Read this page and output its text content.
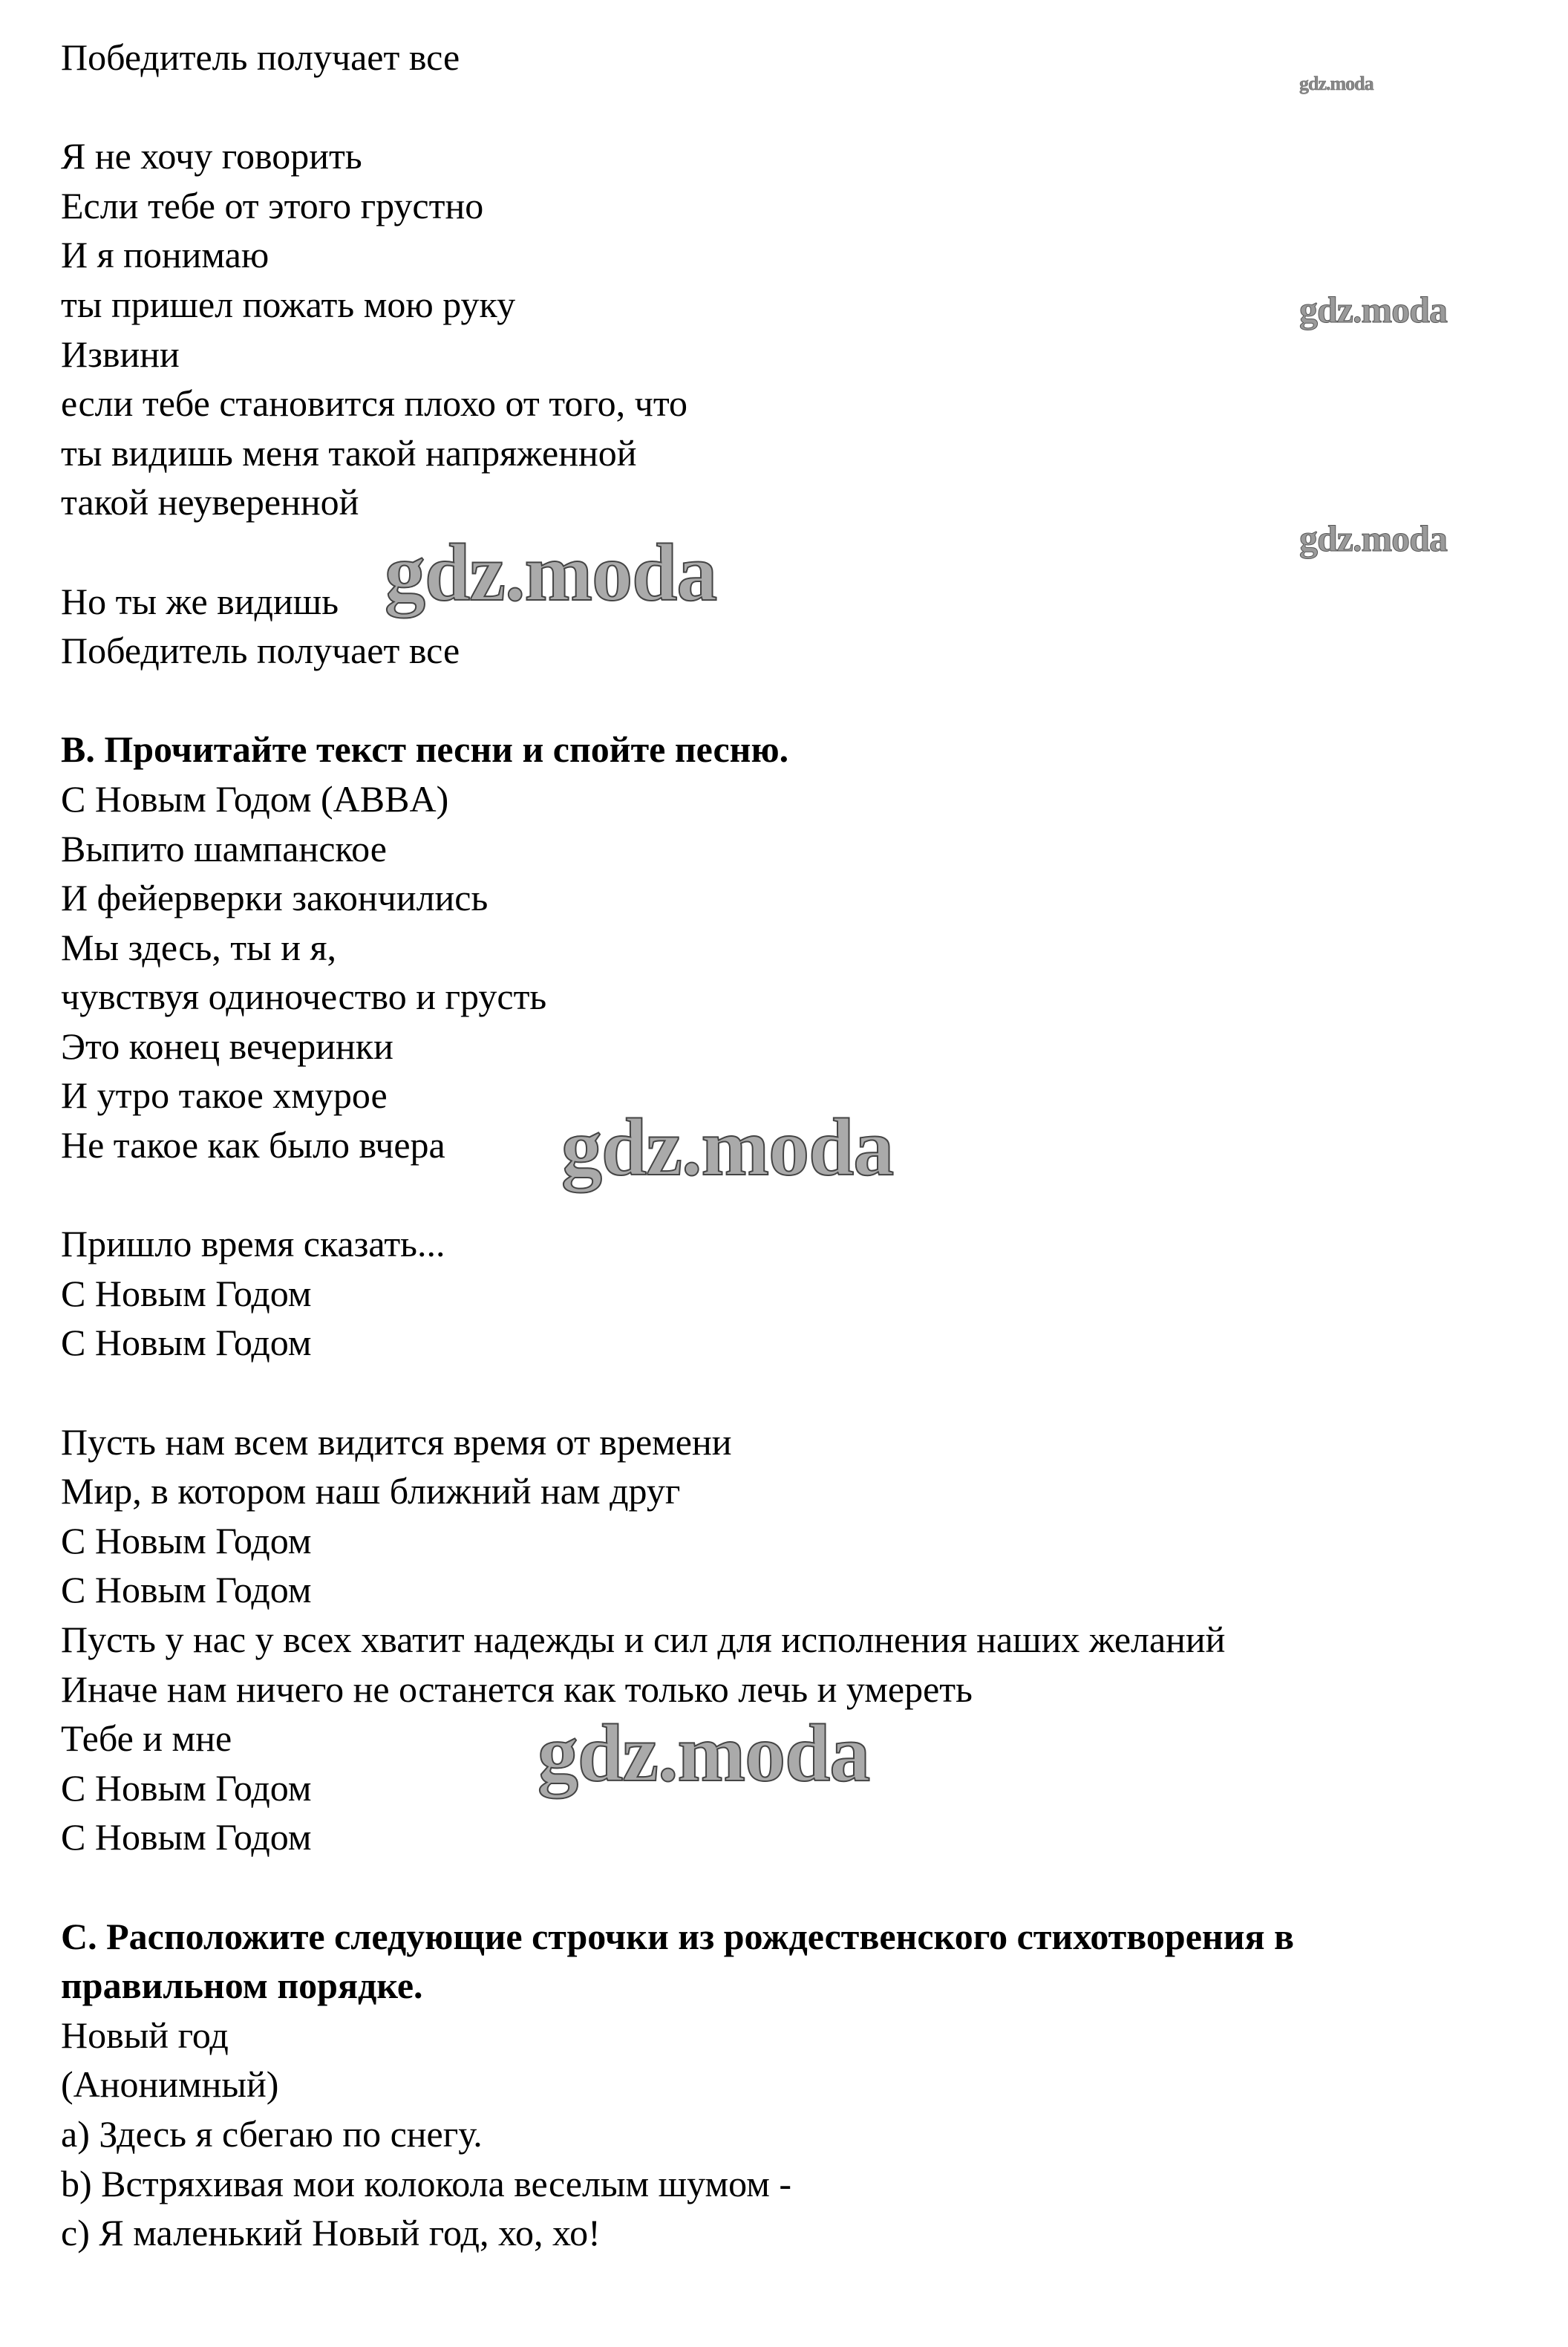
Победитель получает все
Я не хочу говорить
Если тебе от этого грустно
И я понимаю
ты пришел пожать мою руку
Извини
если тебе становится плохо от того, что
ты видишь меня такой напряженной
такой неуверенной
Но ты же видишь
Победитель получает все
B. Прочитайте текст песни и спойте песню.
С Новым Годом (ABBA)
Выпито шампанское
И фейерверки закончились
Мы здесь, ты и я,
чувствуя одиночество и грусть
Это конец вечеринки
И утро такое хмурое
Не такое как было вчера
Пришло время сказать...
С Новым Годом
С Новым Годом
Пусть нам всем видится время от времени
Мир, в котором наш ближний нам друг
С Новым Годом
С Новым Годом
Пусть у нас у всех хватит надежды и сил для исполнения наших желаний
Иначе нам ничего не останется как только лечь и умереть
Тебе и мне
С Новым Годом
С Новым Годом
C. Расположите следующие строчки из рождественского стихотворения в
правильном порядке.
Новый год
(Анонимный)
a) Здесь я сбегаю по снегу.
b) Встряхивая мои колокола веселым шумом -
c) Я маленький Новый год, хо, хо!
gdz.moda
gdz.moda
gdz.moda
gdz.moda
gdz.moda
gdz.moda
